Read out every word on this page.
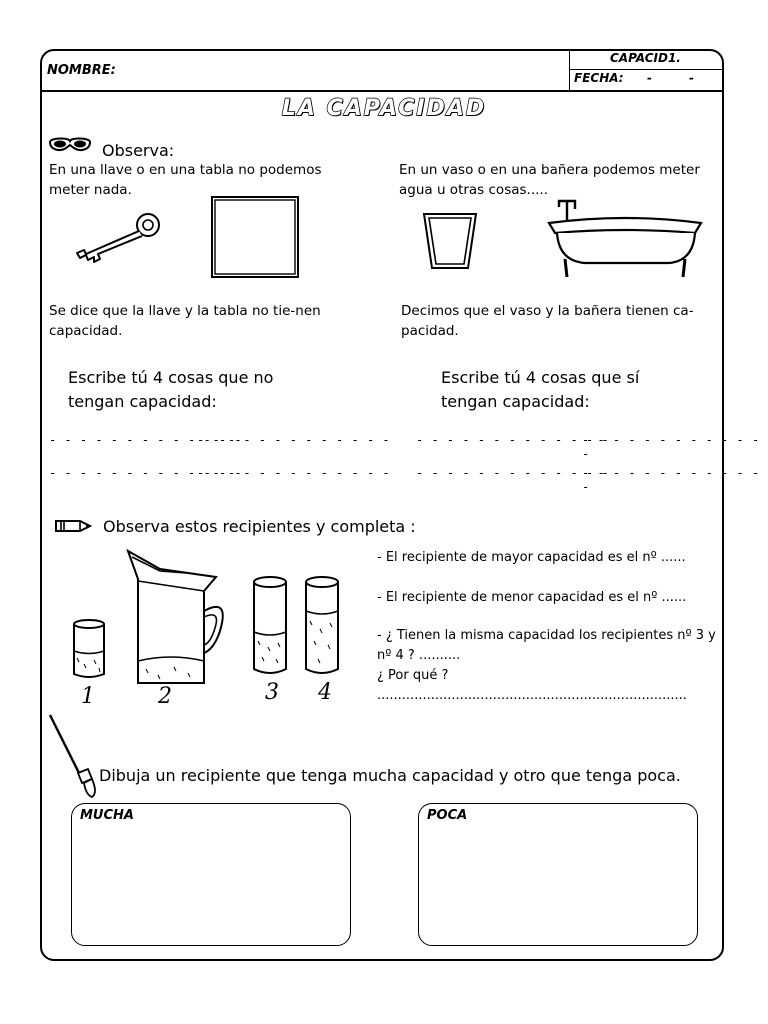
NOMBRE:
CAPACID1.
FECHA: -	-
LA CAPACIDAD
Observa:
En una llave o en una tabla no podemos meter nada.
En un vaso o en una bañera podemos meter agua u otras cosas.....
Se dice que la llave y la tabla no tie-nen capacidad.
Decimos que el vaso y la bañera tienen ca-pacidad.
Escribe tú 4 cosas que no tengan capacidad:
Escribe tú 4 cosas que sí tengan capacidad:
- - - - - - - - - - - - -
- - - - - - - - - - - - - - - - - - - - - - - - - -
- - - - - - - - - - - - -
- - - - - - - - - - - - -
- - - - - - - - - - - - - - - - - - - - - - - - - -
- - - - - - - - - - - - -
Observa estos recipientes y completa :
1	2	3 4
- El recipiente de mayor capacidad es el nº ......
- El recipiente de menor capacidad es el nº ......
- ¿ Tienen la misma capacidad los recipientes nº 3 y nº 4 ? ..........
¿ Por qué ? ...........................................................................
Dibuja un recipiente que tenga mucha capacidad y otro que tenga poca.
MUCHA	POCA
